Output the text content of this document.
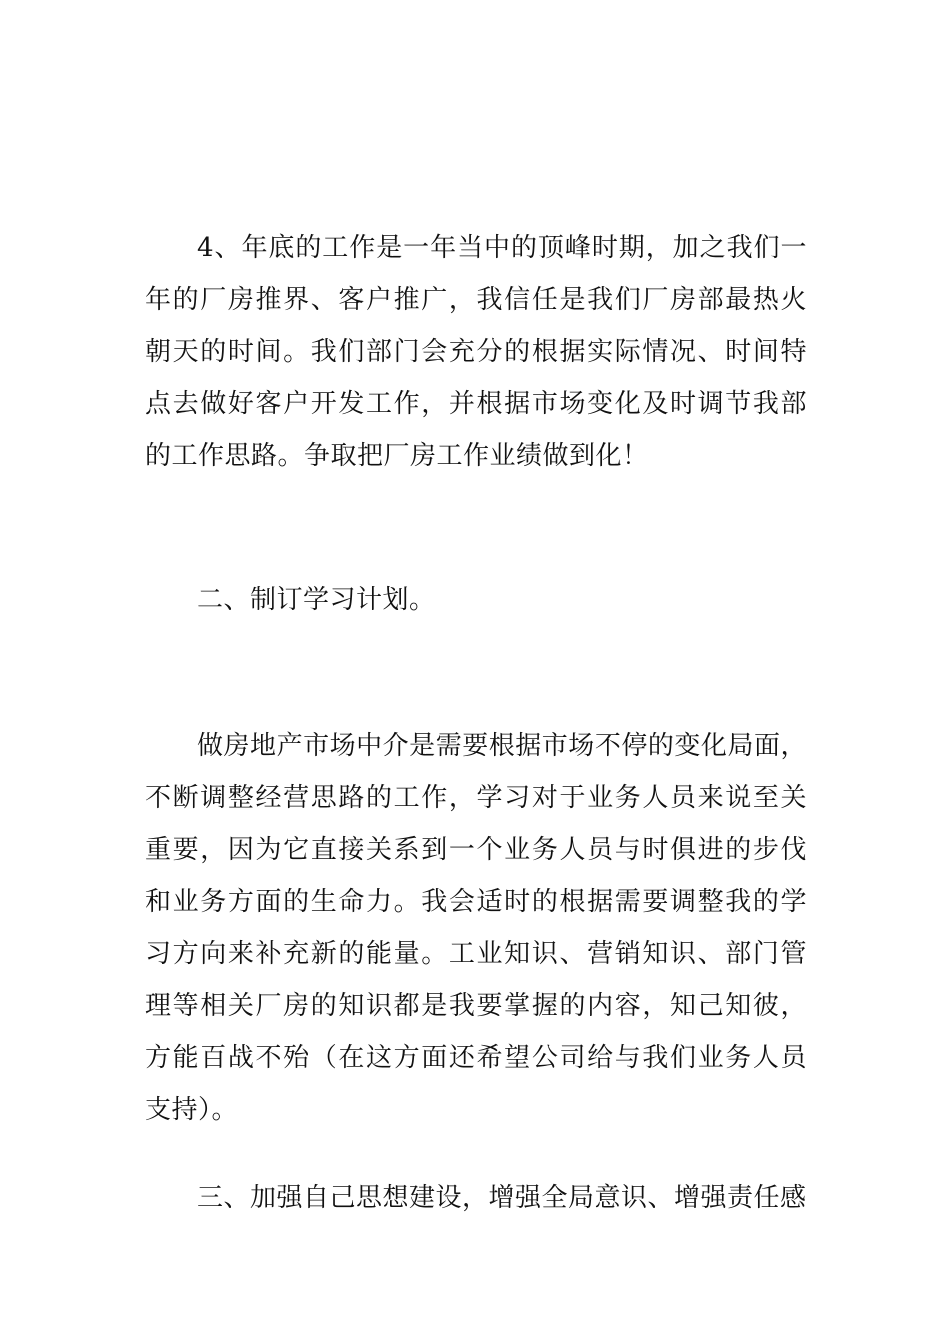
4、年底的工作是一年当中的顶峰时期，加之我们一年的厂房推界、客户推广，我信任是我们厂房部最热火朝天的时间。我们部门会充分的根据实际情况、时间特点去做好客户开发工作，并根据市场变化及时调节我部的工作思路。争取把厂房工作业绩做到化！

二、制订学习计划。

做房地产市场中介是需要根据市场不停的变化局面，不断调整经营思路的工作，学习对于业务人员来说至关重要，因为它直接关系到一个业务人员与时俱进的步伐和业务方面的生命力。我会适时的根据需要调整我的学习方向来补充新的能量。工业知识、营销知识、部门管理等相关厂房的知识都是我要掌握的内容，知己知彼，方能百战不殆（在这方面还希望公司给与我们业务人员支持）。

三、加强自己思想建设，增强全局意识、增强责任感
